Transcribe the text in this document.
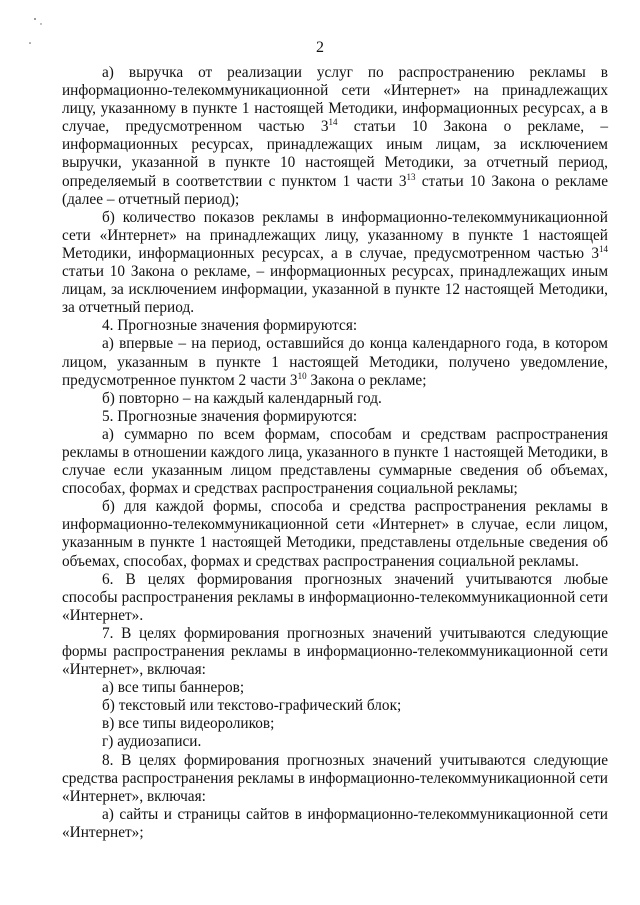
2

а) выручка от реализации услуг по распространению рекламы в информационно-телекоммуникационной сети «Интернет» на принадлежащих лицу, указанному в пункте 1 настоящей Методики, информационных ресурсах, а в случае, предусмотренном частью $3^{14}$ статьи 10 Закона о рекламе, – информационных ресурсах, принадлежащих иным лицам, за исключением выручки, указанной в пункте 10 настоящей Методики, за отчетный период, определяемый в соответствии с пунктом 1 части $3^{13}$ статьи 10 Закона о рекламе (далее – отчетный период);

б) количество показов рекламы в информационно-телекоммуникационной сети «Интернет» на принадлежащих лицу, указанному в пункте 1 настоящей Методики, информационных ресурсах, а в случае, предусмотренном частью $3^{14}$ статьи 10 Закона о рекламе, – информационных ресурсах, принадлежащих иным лицам, за исключением информации, указанной в пункте 12 настоящей Методики, за отчетный период.

4. Прогнозные значения формируются:

а) впервые – на период, оставшийся до конца календарного года, в котором лицом, указанным в пункте 1 настоящей Методики, получено уведомление, предусмотренное пунктом 2 части $3^{10}$ Закона о рекламе;

б) повторно – на каждый календарный год.

5. Прогнозные значения формируются:

а) суммарно по всем формам, способам и средствам распространения рекламы в отношении каждого лица, указанного в пункте 1 настоящей Методики, в случае если указанным лицом представлены суммарные сведения об объемах, способах, формах и средствах распространения социальной рекламы;

б) для каждой формы, способа и средства распространения рекламы в информационно-телекоммуникационной сети «Интернет» в случае, если лицом, указанным в пункте 1 настоящей Методики, представлены отдельные сведения об объемах, способах, формах и средствах распространения социальной рекламы.

6. В целях формирования прогнозных значений учитываются любые способы распространения рекламы в информационно-телекоммуникационной сети «Интернет».

7. В целях формирования прогнозных значений учитываются следующие формы распространения рекламы в информационно-телекоммуникационной сети «Интернет», включая:

а) все типы баннеров;

б) текстовый или текстово-графический блок;

в) все типы видеороликов;

г) аудиозаписи.

8. В целях формирования прогнозных значений учитываются следующие средства распространения рекламы в информационно-телекоммуникационной сети «Интернет», включая:

а) сайты и страницы сайтов в информационно-телекоммуникационной сети «Интернет»;
